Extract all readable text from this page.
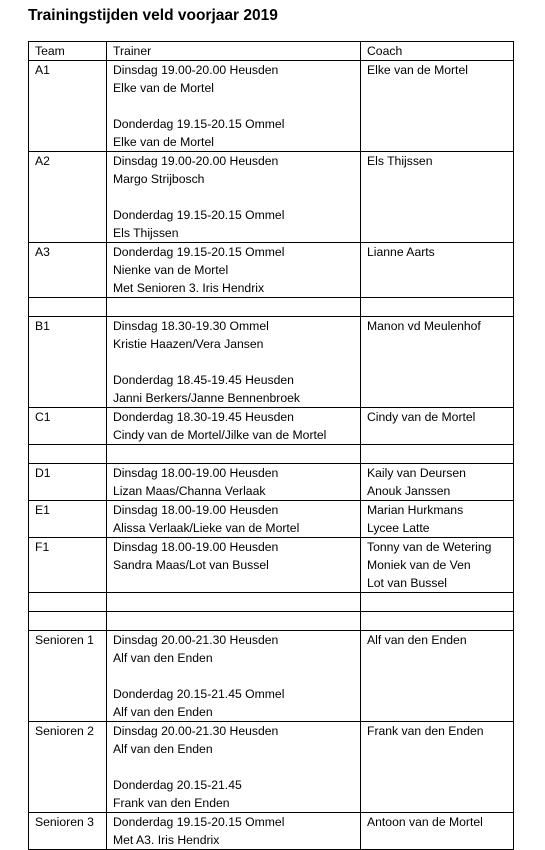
Trainingstijden veld voorjaar 2019
Team	Trainer	Coach
A1	Dinsdag 19.00-20.00 Heusden
Elke van de Mortel
Donderdag 19.15-20.15 Ommel
Elke van de Mortel	Elke van de Mortel

A2	Dinsdag 19.00-20.00 Heusden
Margo Strijbosch
Donderdag 19.15-20.15 Ommel
Els Thijssen	Els Thijssen

A3	Donderdag 19.15-20.15 Ommel
Nienke van de Mortel
Met Senioren 3. Iris Hendrix	Lianne Aarts

B1	Dinsdag 18.30-19.30 Ommel
Kristie Haazen/Vera Jansen
Donderdag 18.45-19.45 Heusden
Janni Berkers/Janne Bennenbroek	Manon vd Meulenhof

C1	Donderdag 18.30-19.45 Heusden
Cindy van de Mortel/Jilke van de Mortel	Cindy van de Mortel

D1	Dinsdag 18.00-19.00 Heusden
Lizan Maas/Channa Verlaak	Kaily van Deursen
Anouk Janssen

E1	Dinsdag 18.00-19.00 Heusden
Alissa Verlaak/Lieke van de Mortel	Marian Hurkmans
Lycee Latte

F1	Dinsdag 18.00-19.00 Heusden
Sandra Maas/Lot van Bussel	Tonny van de Wetering
Moniek van de Ven
Lot van Bussel

Senioren 1	Dinsdag 20.00-21.30 Heusden
Alf van den Enden
Donderdag 20.15-21.45 Ommel
Alf van den Enden	Alf van den Enden

Senioren 2	Dinsdag 20.00-21.30 Heusden
Alf van den Enden
Donderdag 20.15-21.45
Frank van den Enden	Frank van den Enden

Senioren 3	Donderdag 19.15-20.15 Ommel
Met A3. Iris Hendrix	Antoon van de Mortel
